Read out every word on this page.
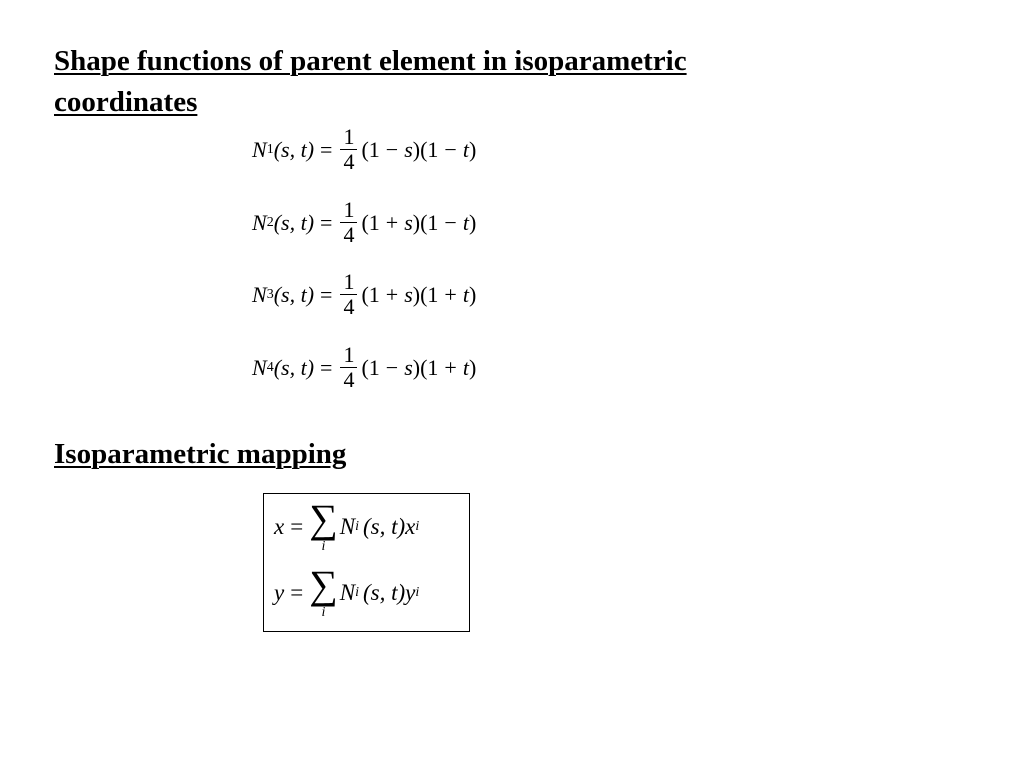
Shape functions of parent element in isoparametric coordinates
N 1 (s, $t) = \frac{1}{4} (1 - s$ ) (1 − t )
N 2 (s, $t) = \frac{1}{4} (1 + s$ ) (1 − t )
N 3 (s, $t) = \frac{1}{4} (1 + s$ ) (1 + t )
N 4 (s, $t) = \frac{1}{4} (1 - s$ ) (1 + t )
Isoparametric mapping
x = ∑
i
N i (s, t) x i
y = ∑
i
N i (s, t) y i
